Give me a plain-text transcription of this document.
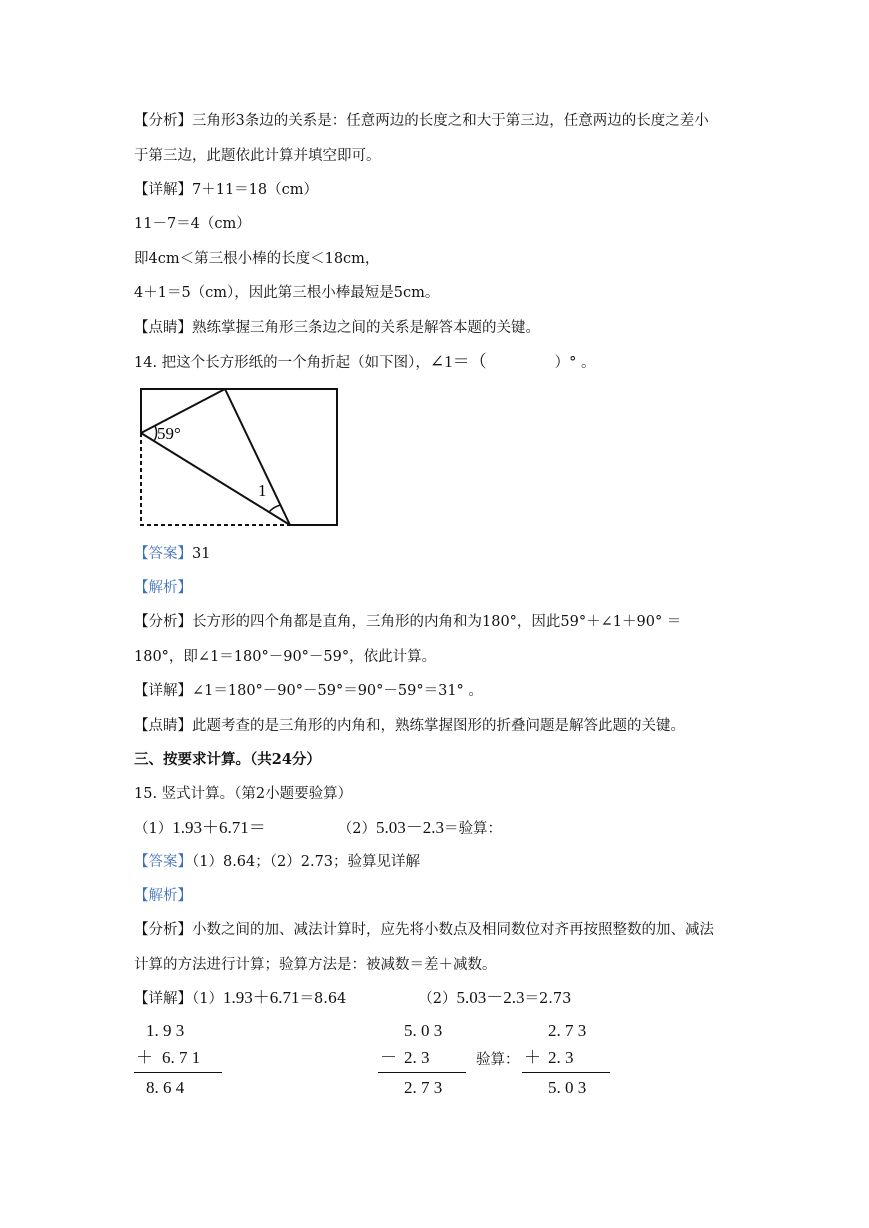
【分析】三角形3条边的关系是：任意两边的长度之和大于第三边，任意两边的长度之差小
于第三边，此题依此计算并填空即可。
【详解】7＋11＝18（cm）
11－7＝4（cm）
即4cm＜第三根小棒的长度＜18cm，
4＋1＝5（cm），因此第三根小棒最短是5cm。
【点睛】熟练掌握三角形三条边之间的关系是解答本题的关键。
14. 把这个长方形纸的一个角折起（如下图），∠1＝（	）° 。
59°
1
【答案】31
【解析】
【分析】长方形的四个角都是直角，三角形的内角和为180°，因此59°＋∠1＋90° ＝
180°，即∠1＝180°－90°－59°，依此计算。
【详解】∠1＝180°－90°－59°＝90°－59°＝31° 。
【点睛】此题考查的是三角形的内角和，熟练掌握图形的折叠问题是解答此题的关键。
三、按要求计算。（共24分）
15. 竖式计算。（第2小题要验算）
（1）1.93＋6.71＝	（2）5.03－2.3＝验算：
【答案】（1）8.64；（2）2.73；验算见详解
【解析】
【分析】小数之间的加、减法计算时，应先将小数点及相同数位对齐再按照整数的加、减法
计算的方法进行计算；验算方法是：被减数＝差＋减数。
【详解】（1）1.93＋6.71＝8.64	（2）5.03－2.3＝2.73
1. 9 3
＋ 6. 7 1
8. 6 4
5. 0 3
－ 2. 3
2. 7 3
验算：
2. 7 3
＋ 2. 3
5. 0 3
